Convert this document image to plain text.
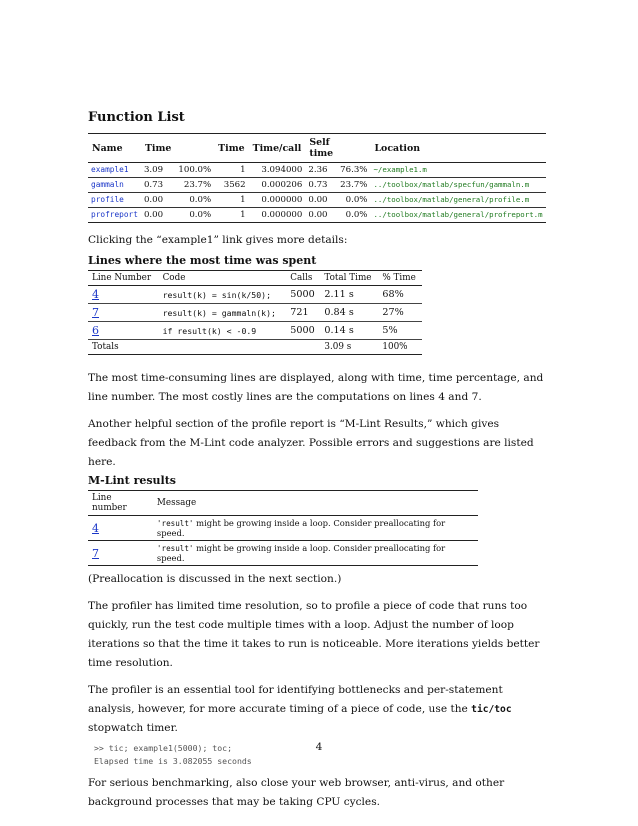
Function List
Name	Time		Time	Time/call	Self time		Location
example1	3.09	100.0%	1	3.094000	2.36	76.3%	~/example1.m
gammaln	0.73	23.7%	3562	0.000206	0.73	23.7%	../toolbox/matlab/specfun/gammaln.m
profile	0.00	0.0%	1	0.000000	0.00	0.0%	../toolbox/matlab/general/profile.m
profreport	0.00	0.0%	1	0.000000	0.00	0.0%	../toolbox/matlab/general/profreport.m

Clicking the “example1” link gives more details:

Lines where the most time was spent
Line Number	Code	Calls	Total Time	% Time
4	result(k) = sin(k/50);	5000	2.11 s	68%
7	result(k) = gammaln(k);	721	0.84 s	27%
6	if result(k) < -0.9	5000	0.14 s	5%
Totals			3.09 s	100%

The most time-consuming lines are displayed, along with time, time percentage, and line number. The most costly lines are the computations on lines 4 and 7.

Another helpful section of the profile report is “M-Lint Results,” which gives feedback from the M-Lint code analyzer. Possible errors and suggestions are listed here.

M-Lint results
Line number	Message
4	'result' might be growing inside a loop. Consider preallocating for speed.
7	'result' might be growing inside a loop. Consider preallocating for speed.

(Preallocation is discussed in the next section.)

The profiler has limited time resolution, so to profile a piece of code that runs too quickly, run the test code multiple times with a loop. Adjust the number of loop iterations so that the time it takes to run is noticeable. More iterations yields better time resolution.

The profiler is an essential tool for identifying bottlenecks and per-statement analysis, however, for more accurate timing of a piece of code, use the tic/toc stopwatch timer.

>> tic; example1(5000); toc;
Elapsed time is 3.082055 seconds

For serious benchmarking, also close your web browser, anti-virus, and other background processes that may be taking CPU cycles.

4
